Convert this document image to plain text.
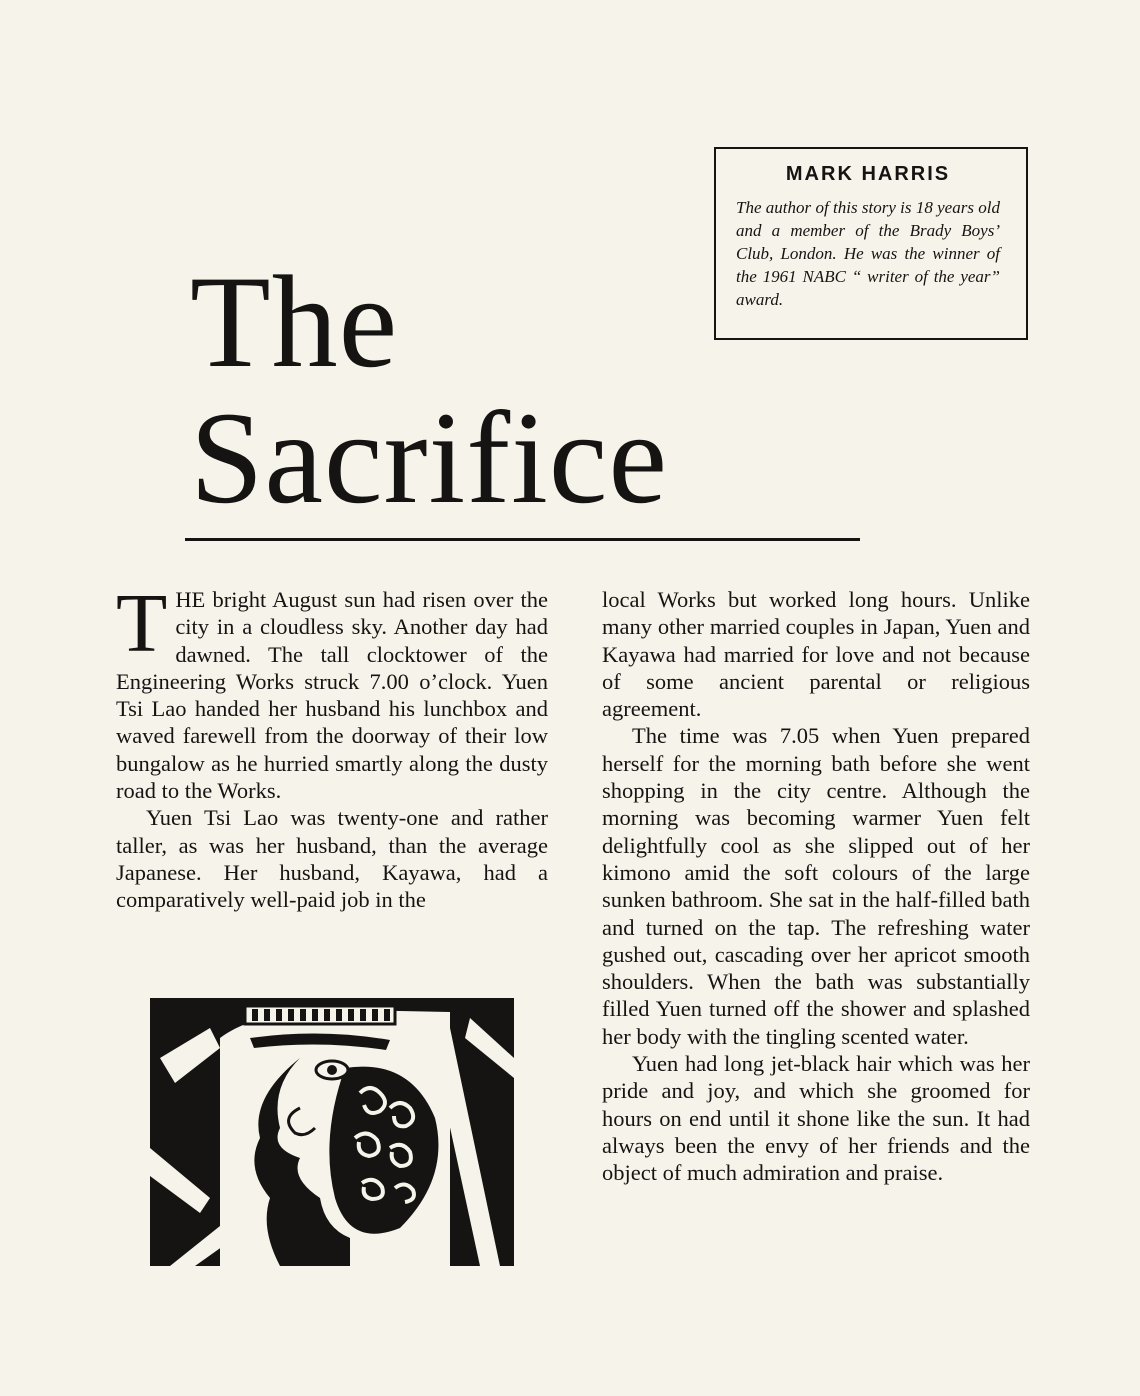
The
Sacrifice
MARK HARRIS

The author of this story is 18 years old and a member of the Brady Boys’ Club, London. He was the winner of the 1961 NABC “ writer of the year” award.

THE bright August sun had risen over the city in a cloudless sky. Another day had dawned. The tall clocktower of the Engineering Works struck 7.00 o’clock. Yuen Tsi Lao handed her husband his lunchbox and waved farewell from the doorway of their low bungalow as he hurried smartly along the dusty road to the Works.

Yuen Tsi Lao was twenty-one and rather taller, as was her husband, than the average Japanese. Her husband, Kayawa, had a comparatively well-paid job in the

local Works but worked long hours. Unlike many other married couples in Japan, Yuen and Kayawa had married for love and not because of some ancient parental or religious agreement.

The time was 7.05 when Yuen prepared herself for the morning bath before she went shopping in the city centre. Although the morning was becoming warmer Yuen felt delightfully cool as she slipped out of her kimono amid the soft colours of the large sunken bathroom. She sat in the half-filled bath and turned on the tap. The refreshing water gushed out, cascading over her apricot smooth shoulders. When the bath was substantially filled Yuen turned off the shower and splashed her body with the tingling scented water.

Yuen had long jet-black hair which was her pride and joy, and which she groomed for hours on end until it shone like the sun. It had always been the envy of her friends and the object of much admiration and praise.
